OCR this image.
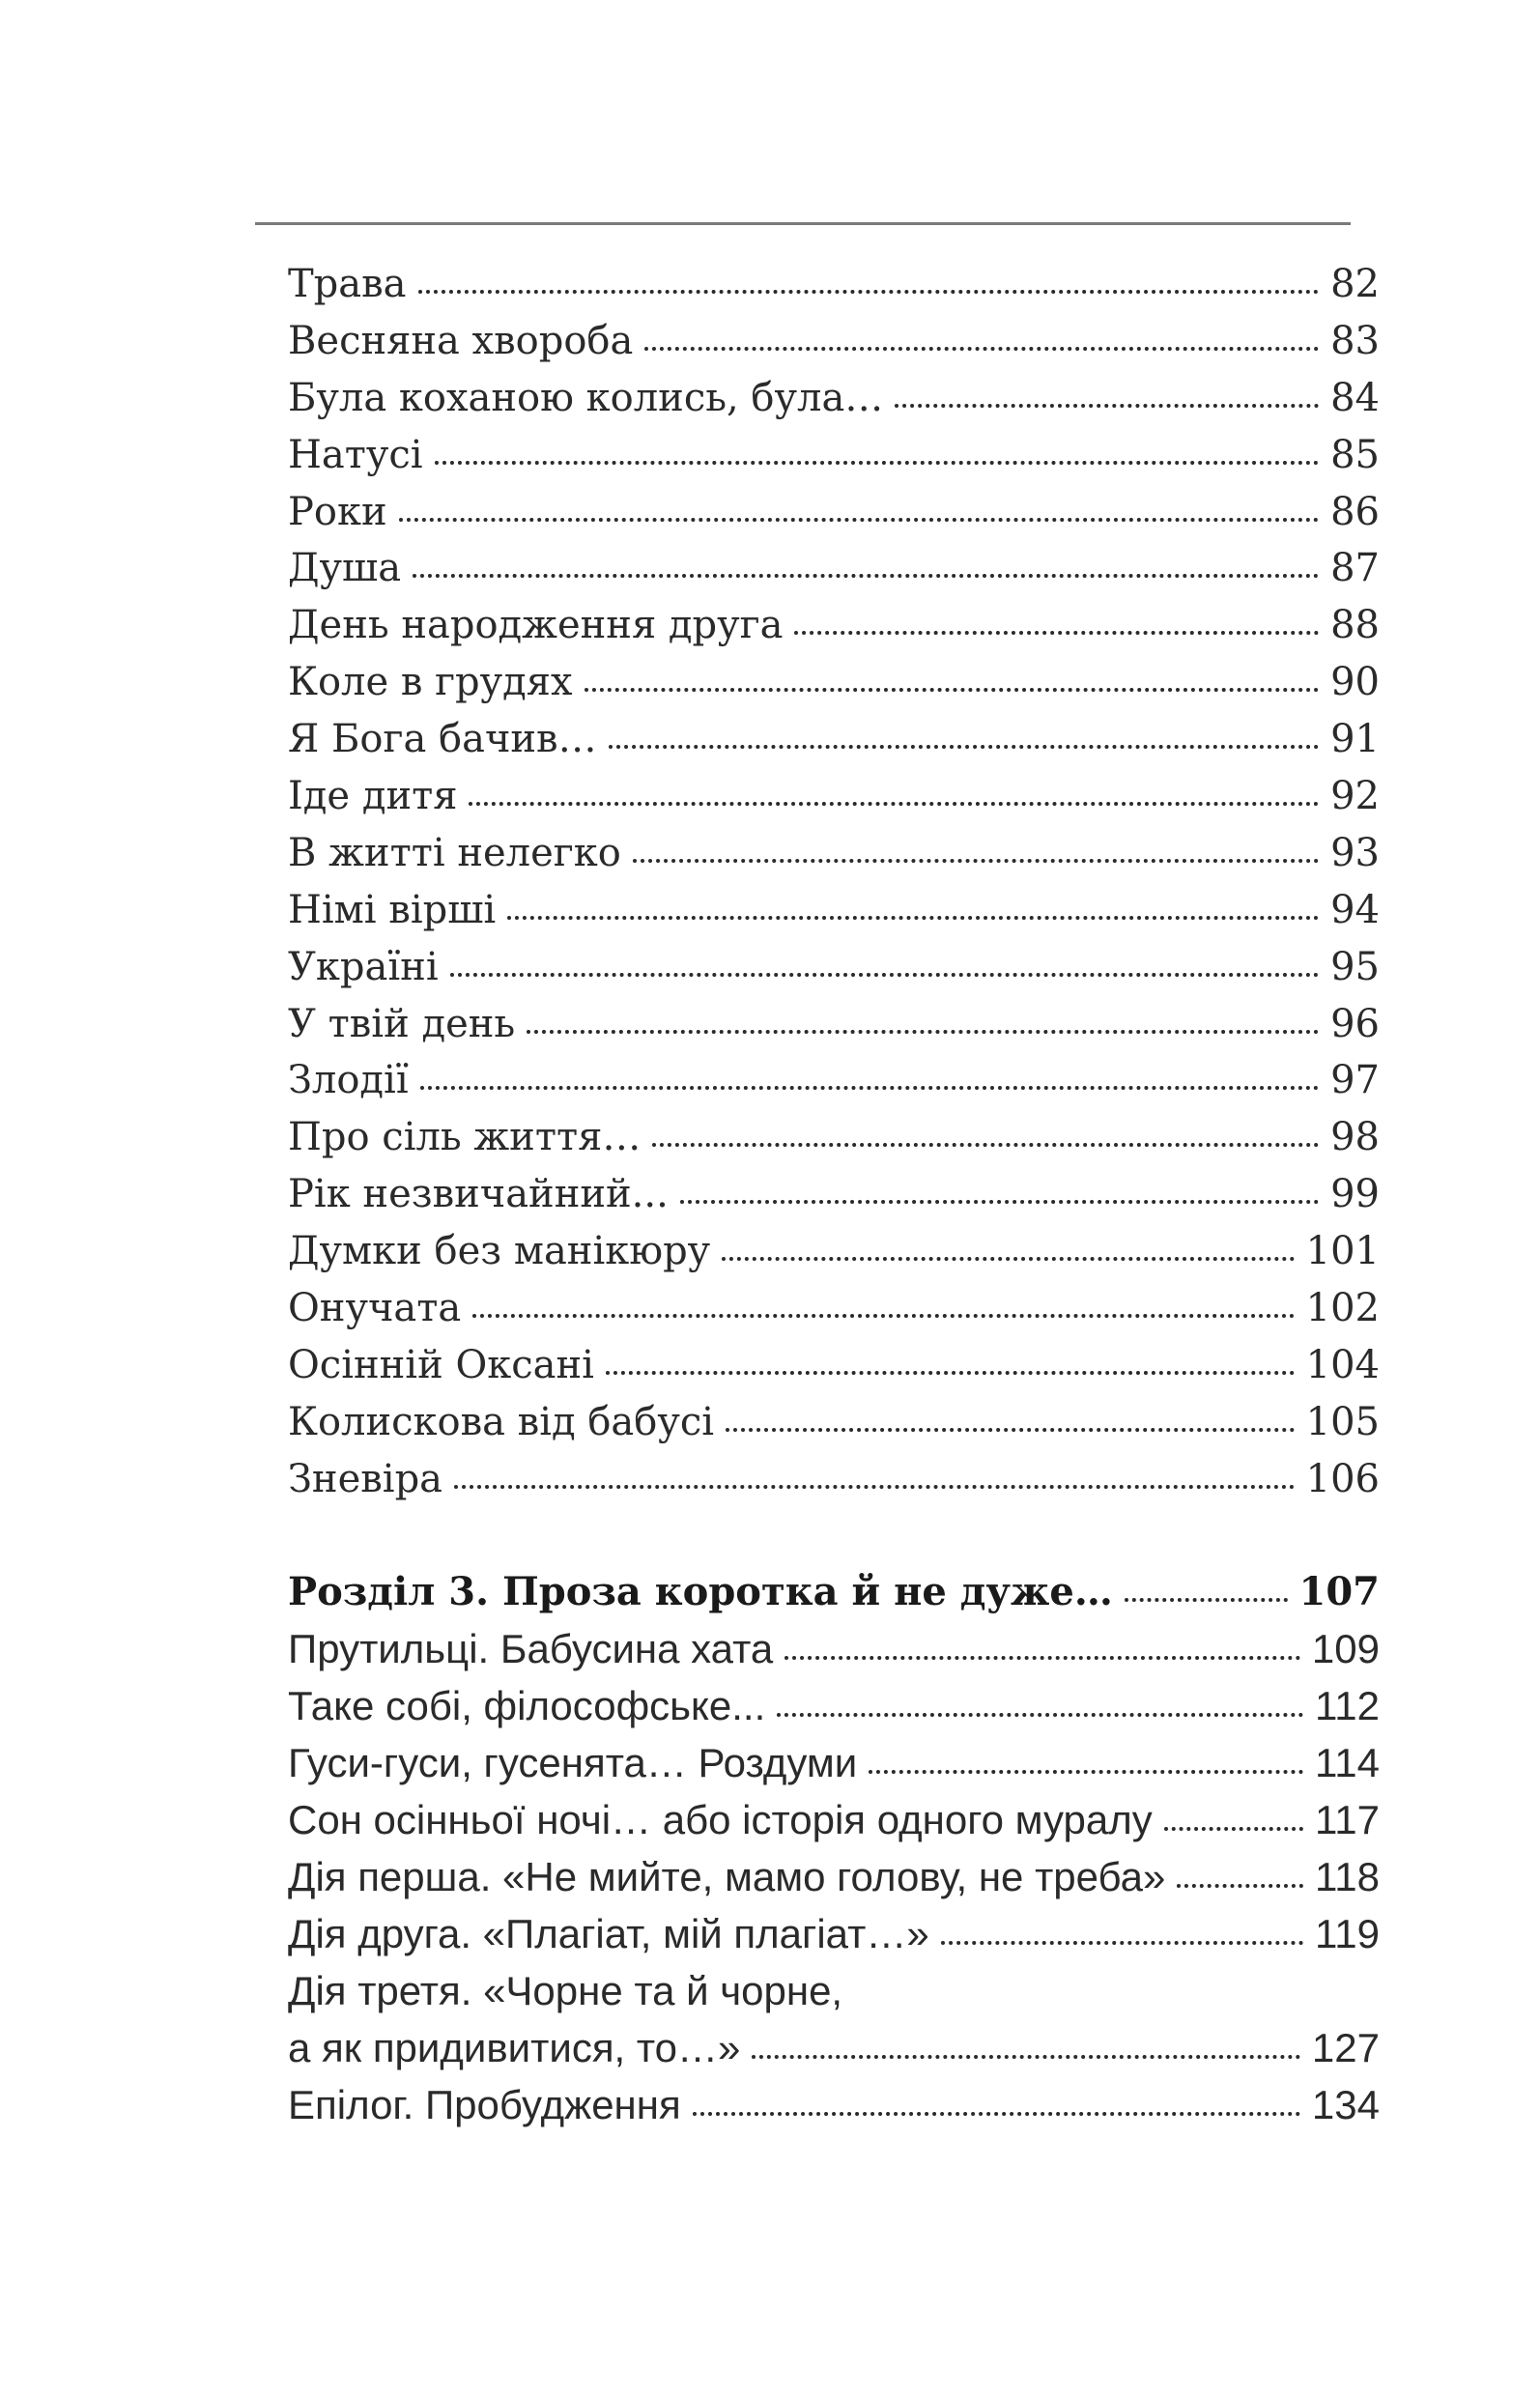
Трава	82
Весняна хвороба	83
Була коханою колись, була…	84
Натусі	85
Роки	86
Душа	87
День народження друга	88
Коле в грудях	90
Я Бога бачив…	91
Іде дитя	92
В житті нелегко	93
Німі вірші	94
Україні	95
У твій день	96
Злодії	97
Про сіль життя…	98
Рік незвичайний...	99
Думки без манікюру	101
Онучата	102
Осінній Оксані	104
Колискова від бабусі	105
Зневіра	106
Розділ 3. Проза коротка й не дуже…	107
Прутильці. Бабусина хата	109
Таке собі, філософське...	112
Гуси-гуси, гусенята… Роздуми	114
Сон осінньої ночі… або історія одного муралу	117
Дія перша. «Не мийте, мамо голову, не треба»	118
Дія друга. «Плагіат, мій плагіат…»	119
Дія третя. «Чорне та й чорне,
а як придивитися, то…»	127
Епілог. Пробудження	134
